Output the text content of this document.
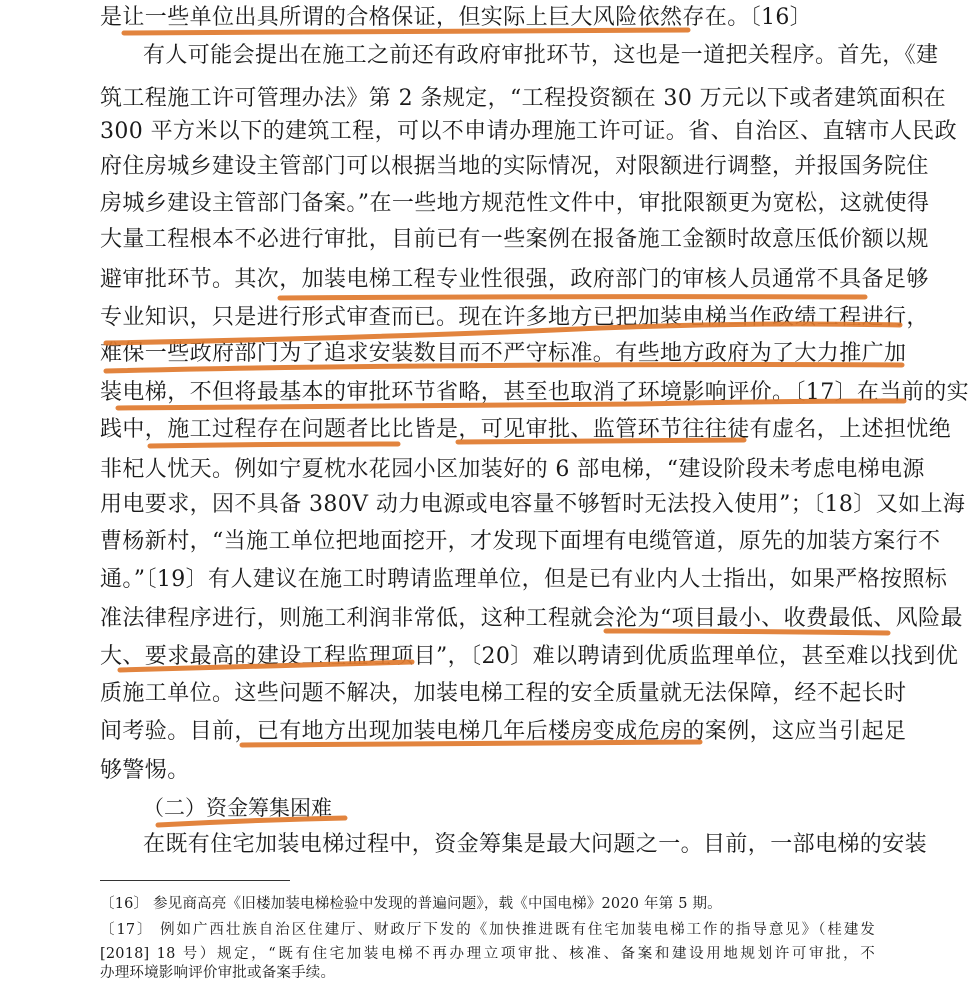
是让一些单位出具所谓的合格保证，但实际上巨大风险依然存在。〔16〕
有人可能会提出在施工之前还有政府审批环节，这也是一道把关程序。首先，《建
筑工程施工许可管理办法》第 2 条规定，“工程投资额在 30 万元以下或者建筑面积在
300 平方米以下的建筑工程，可以不申请办理施工许可证。省、自治区、直辖市人民政
府住房城乡建设主管部门可以根据当地的实际情况，对限额进行调整，并报国务院住
房城乡建设主管部门备案。”在一些地方规范性文件中，审批限额更为宽松，这就使得
大量工程根本不必进行审批，目前已有一些案例在报备施工金额时故意压低价额以规
避审批环节。其次，加装电梯工程专业性很强，政府部门的审核人员通常不具备足够
专业知识，只是进行形式审查而已。现在许多地方已把加装电梯当作政绩工程进行，
难保一些政府部门为了追求安装数目而不严守标准。有些地方政府为了大力推广加
装电梯，不但将最基本的审批环节省略，甚至也取消了环境影响评价。〔17〕在当前的实
践中，施工过程存在问题者比比皆是，可见审批、监管环节往往徒有虚名，上述担忧绝
非杞人忧天。例如宁夏枕水花园小区加装好的 6 部电梯，“建设阶段未考虑电梯电源
用电要求，因不具备 380V 动力电源或电容量不够暂时无法投入使用”；〔18〕又如上海
曹杨新村，“当施工单位把地面挖开，才发现下面埋有电缆管道，原先的加装方案行不
通。”〔19〕有人建议在施工时聘请监理单位，但是已有业内人士指出，如果严格按照标
准法律程序进行，则施工利润非常低，这种工程就会沦为“项目最小、收费最低、风险最
大、要求最高的建设工程监理项目”，〔20〕难以聘请到优质监理单位，甚至难以找到优
质施工单位。这些问题不解决，加装电梯工程的安全质量就无法保障，经不起长时
间考验。目前，已有地方出现加装电梯几年后楼房变成危房的案例，这应当引起足
够警惕。
（二）资金筹集困难
在既有住宅加装电梯过程中，资金筹集是最大问题之一。目前，一部电梯的安装
〔16〕 参见商高亮《旧楼加装电梯检验中发现的普遍问题》，载《中国电梯》2020 年第 5 期。
〔17〕 例如广西壮族自治区住建厅、财政厅下发的《加快推进既有住宅加装电梯工作的指导意见》（桂建发
[2018] 18 号）规定，“既有住宅加装电梯不再办理立项审批、核准、备案和建设用地规划许可审批，不
办理环境影响评价审批或备案手续。
